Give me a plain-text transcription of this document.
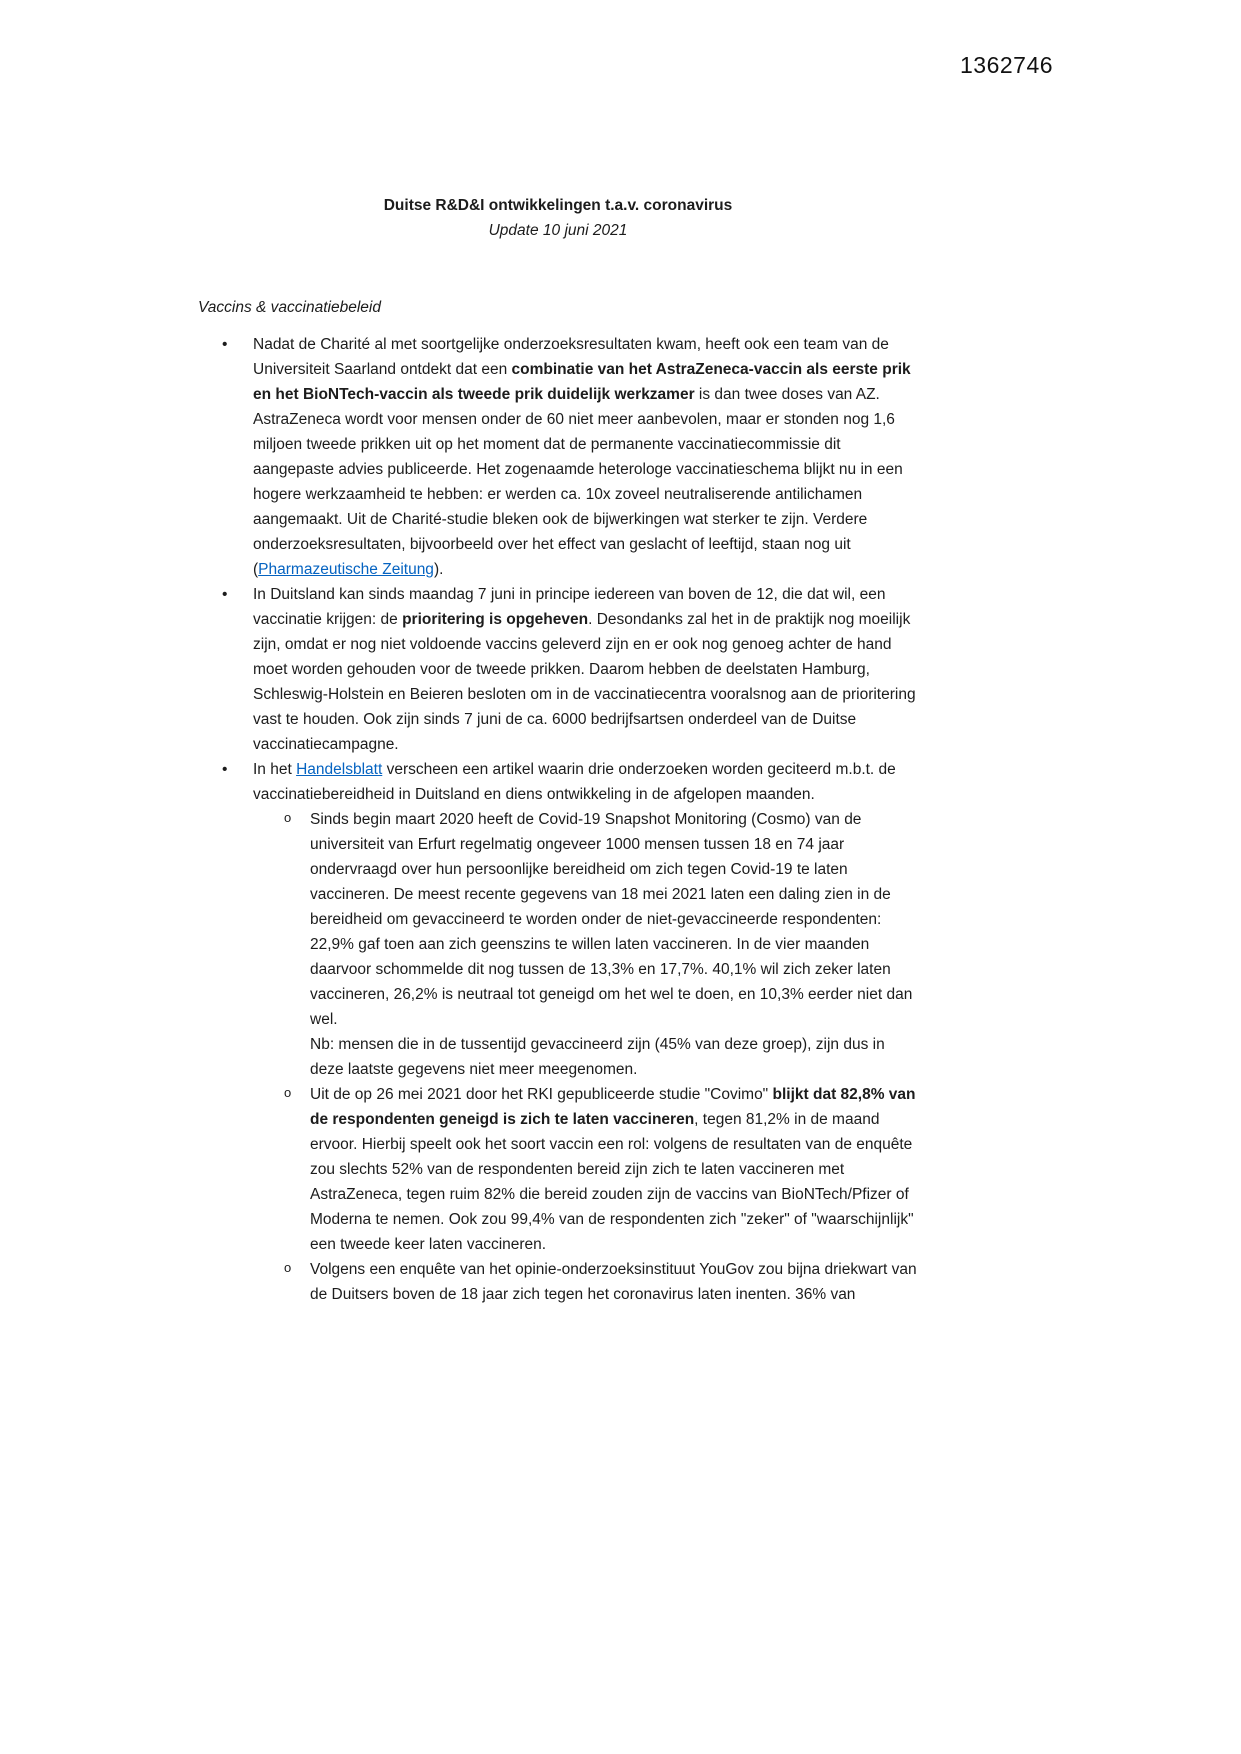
1362746
Duitse R&D&I ontwikkelingen t.a.v. coronavirus
Update 10 juni 2021
Vaccins & vaccinatiebeleid
• Nadat de Charité al met soortgelijke onderzoeksresultaten kwam, heeft ook een team van de Universiteit Saarland ontdekt dat een combinatie van het AstraZeneca-vaccin als eerste prik en het BioNTech-vaccin als tweede prik duidelijk werkzamer is dan twee doses van AZ. AstraZeneca wordt voor mensen onder de 60 niet meer aanbevolen, maar er stonden nog 1,6 miljoen tweede prikken uit op het moment dat de permanente vaccinatiecommissie dit aangepaste advies publiceerde. Het zogenaamde heterologe vaccinatieschema blijkt nu in een hogere werkzaamheid te hebben: er werden ca. 10x zoveel neutraliserende antilichamen aangemaakt. Uit de Charité-studie bleken ook de bijwerkingen wat sterker te zijn. Verdere onderzoeksresultaten, bijvoorbeeld over het effect van geslacht of leeftijd, staan nog uit (Pharmazeutische Zeitung).
• In Duitsland kan sinds maandag 7 juni in principe iedereen van boven de 12, die dat wil, een vaccinatie krijgen: de prioritering is opgeheven. Desondanks zal het in de praktijk nog moeilijk zijn, omdat er nog niet voldoende vaccins geleverd zijn en er ook nog genoeg achter de hand moet worden gehouden voor de tweede prikken. Daarom hebben de deelstaten Hamburg, Schleswig-Holstein en Beieren besloten om in de vaccinatiecentra vooralsnog aan de prioritering vast te houden. Ook zijn sinds 7 juni de ca. 6000 bedrijfsartsen onderdeel van de Duitse vaccinatiecampagne.
• In het Handelsblatt verscheen een artikel waarin drie onderzoeken worden geciteerd m.b.t. de vaccinatiebereidheid in Duitsland en diens ontwikkeling in de afgelopen maanden.
o Sinds begin maart 2020 heeft de Covid-19 Snapshot Monitoring (Cosmo) van de universiteit van Erfurt regelmatig ongeveer 1000 mensen tussen 18 en 74 jaar ondervraagd over hun persoonlijke bereidheid om zich tegen Covid-19 te laten vaccineren. De meest recente gegevens van 18 mei 2021 laten een daling zien in de bereidheid om gevaccineerd te worden onder de niet-gevaccineerde respondenten: 22,9% gaf toen aan zich geenszins te willen laten vaccineren. In de vier maanden daarvoor schommelde dit nog tussen de 13,3% en 17,7%. 40,1% wil zich zeker laten vaccineren, 26,2% is neutraal tot geneigd om het wel te doen, en 10,3% eerder niet dan wel.
Nb: mensen die in de tussentijd gevaccineerd zijn (45% van deze groep), zijn dus in deze laatste gegevens niet meer meegenomen.
o Uit de op 26 mei 2021 door het RKI gepubliceerde studie "Covimo" blijkt dat 82,8% van de respondenten geneigd is zich te laten vaccineren, tegen 81,2% in de maand ervoor. Hierbij speelt ook het soort vaccin een rol: volgens de resultaten van de enquête zou slechts 52% van de respondenten bereid zijn zich te laten vaccineren met AstraZeneca, tegen ruim 82% die bereid zouden zijn de vaccins van BioNTech/Pfizer of Moderna te nemen. Ook zou 99,4% van de respondenten zich "zeker" of "waarschijnlijk" een tweede keer laten vaccineren.
o Volgens een enquête van het opinie-onderzoeksinstituut YouGov zou bijna driekwart van de Duitsers boven de 18 jaar zich tegen het coronavirus laten inenten. 36% van
